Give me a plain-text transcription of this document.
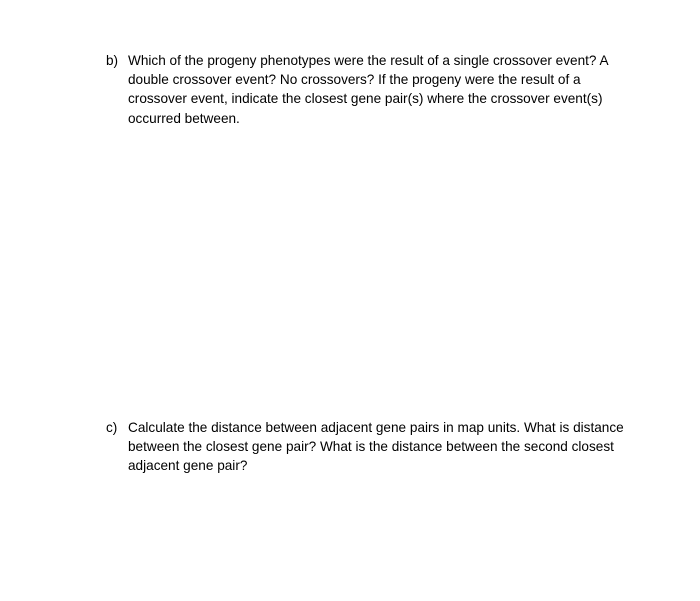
b) Which of the progeny phenotypes were the result of a single crossover event? A
double crossover event? No crossovers? If the progeny were the result of a
crossover event, indicate the closest gene pair(s) where the crossover event(s)
occurred between.
c) Calculate the distance between adjacent gene pairs in map units. What is distance
between the closest gene pair? What is the distance between the second closest
adjacent gene pair?
